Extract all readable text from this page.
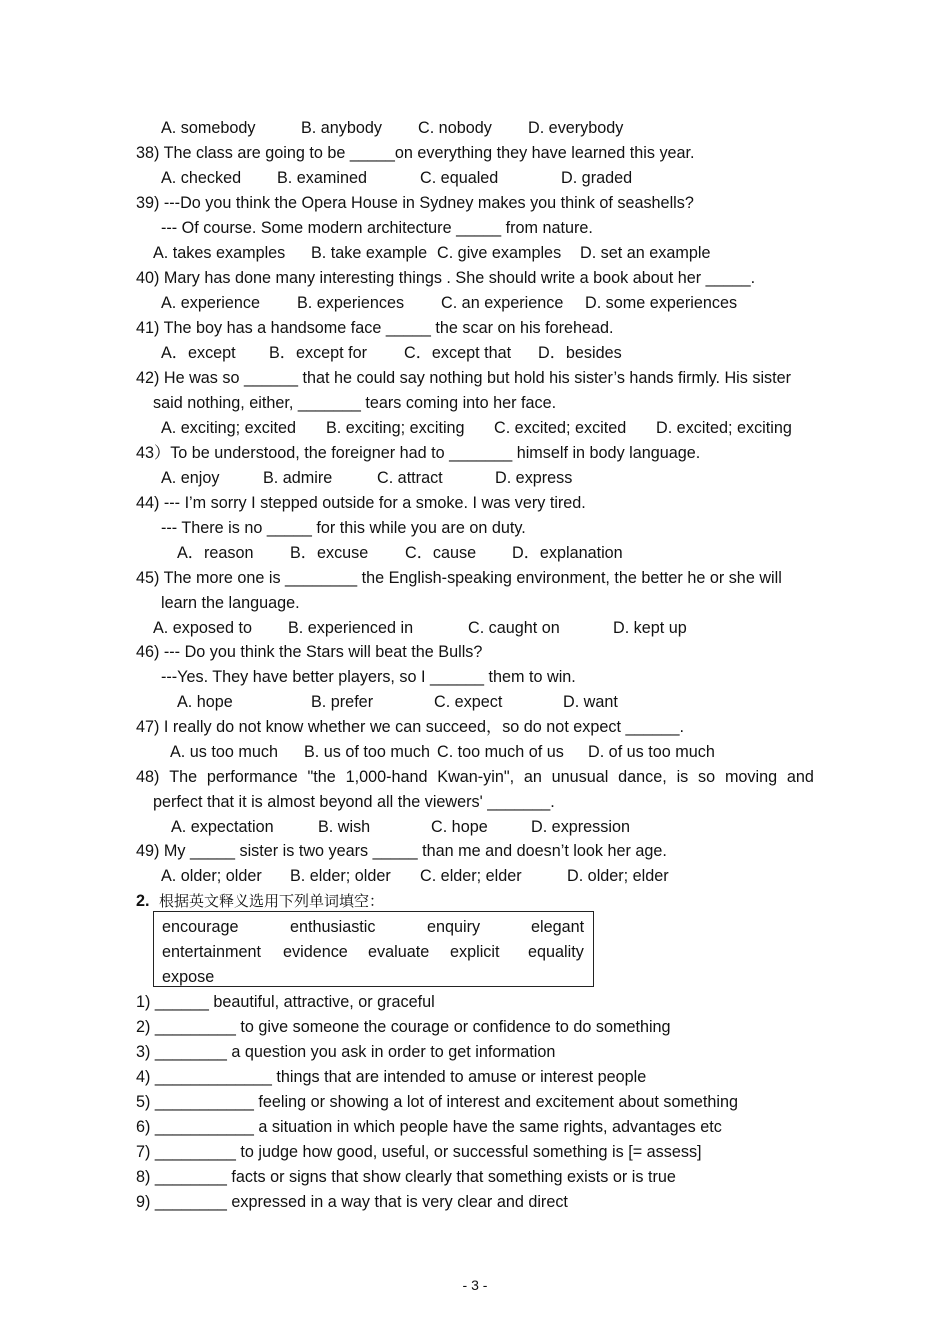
A. somebody	B. anybody C. nobody D. everybody
38) The class are going to be _____on everything they have learned this year.
A. checked B. examined	C. equaled	D. graded
39) ---Do you think the Opera House in Sydney makes you think of seashells?
--- Of course. Some modern architecture _____ from nature.
A. takes examples B. take example C. give examples D. set an example
40) Mary has done many interesting things . She should write a book about her _____.
A. experience B. experiences C. an experience D. some experiences
41) The boy has a handsome face _____ the scar on his forehead.
A．except B．except for C．except that D．besides
42) He was so ______ that he could say nothing but hold his sister’s hands firmly. His sister
said nothing, either, _______ tears coming into her face.
A. exciting; excited B. exciting; exciting C. excited; excited D. excited; exciting
43）To be understood, the foreigner had to _______ himself in body language.
A. enjoy	B. admire	C. attract	D. express
44) --- I’m sorry I stepped outside for a smoke. I was very tired.
--- There is no _____ for this while you are on duty.
A．reason B．excuse C．cause D．explanation
45) The more one is ________ the English-speaking environment, the better he or she will
learn the language.
A. exposed to B. experienced in	C. caught on	D. kept up
46) --- Do you think the Stars will beat the Bulls?
---Yes. They have better players, so I ______ them to win.
A. hope	B. prefer	C. expect	D. want
47) I really do not know whether we can succeed，so do not expect ______.
A. us too much B. us of too much C. too much of us D. of us too much
48) The performance "the 1,000-hand Kwan-yin", an unusual dance, is so moving and
perfect that it is almost beyond all the viewers' _______.
A. expectation	B. wish	C. hope	D. expression
49) My _____ sister is two years _____ than me and doesn’t look her age.
A. older; older B. elder; older C. elder; elder	D. older; elder
2. 根据英文释义选用下列单词填空：
encourage	enthusiastic	enquiry	elegant
entertainment evidence evaluate explicit equality
expose
1) ______ beautiful, attractive, or graceful
2) _________ to give someone the courage or confidence to do something
3) ________ a question you ask in order to get information
4) _____________ things that are intended to amuse or interest people
5) ___________ feeling or showing a lot of interest and excitement about something
6) ___________ a situation in which people have the same rights, advantages etc
7) _________ to judge how good, useful, or successful something is [= assess]
8) ________ facts or signs that show clearly that something exists or is true
9) ________ expressed in a way that is very clear and direct
- 3 -
